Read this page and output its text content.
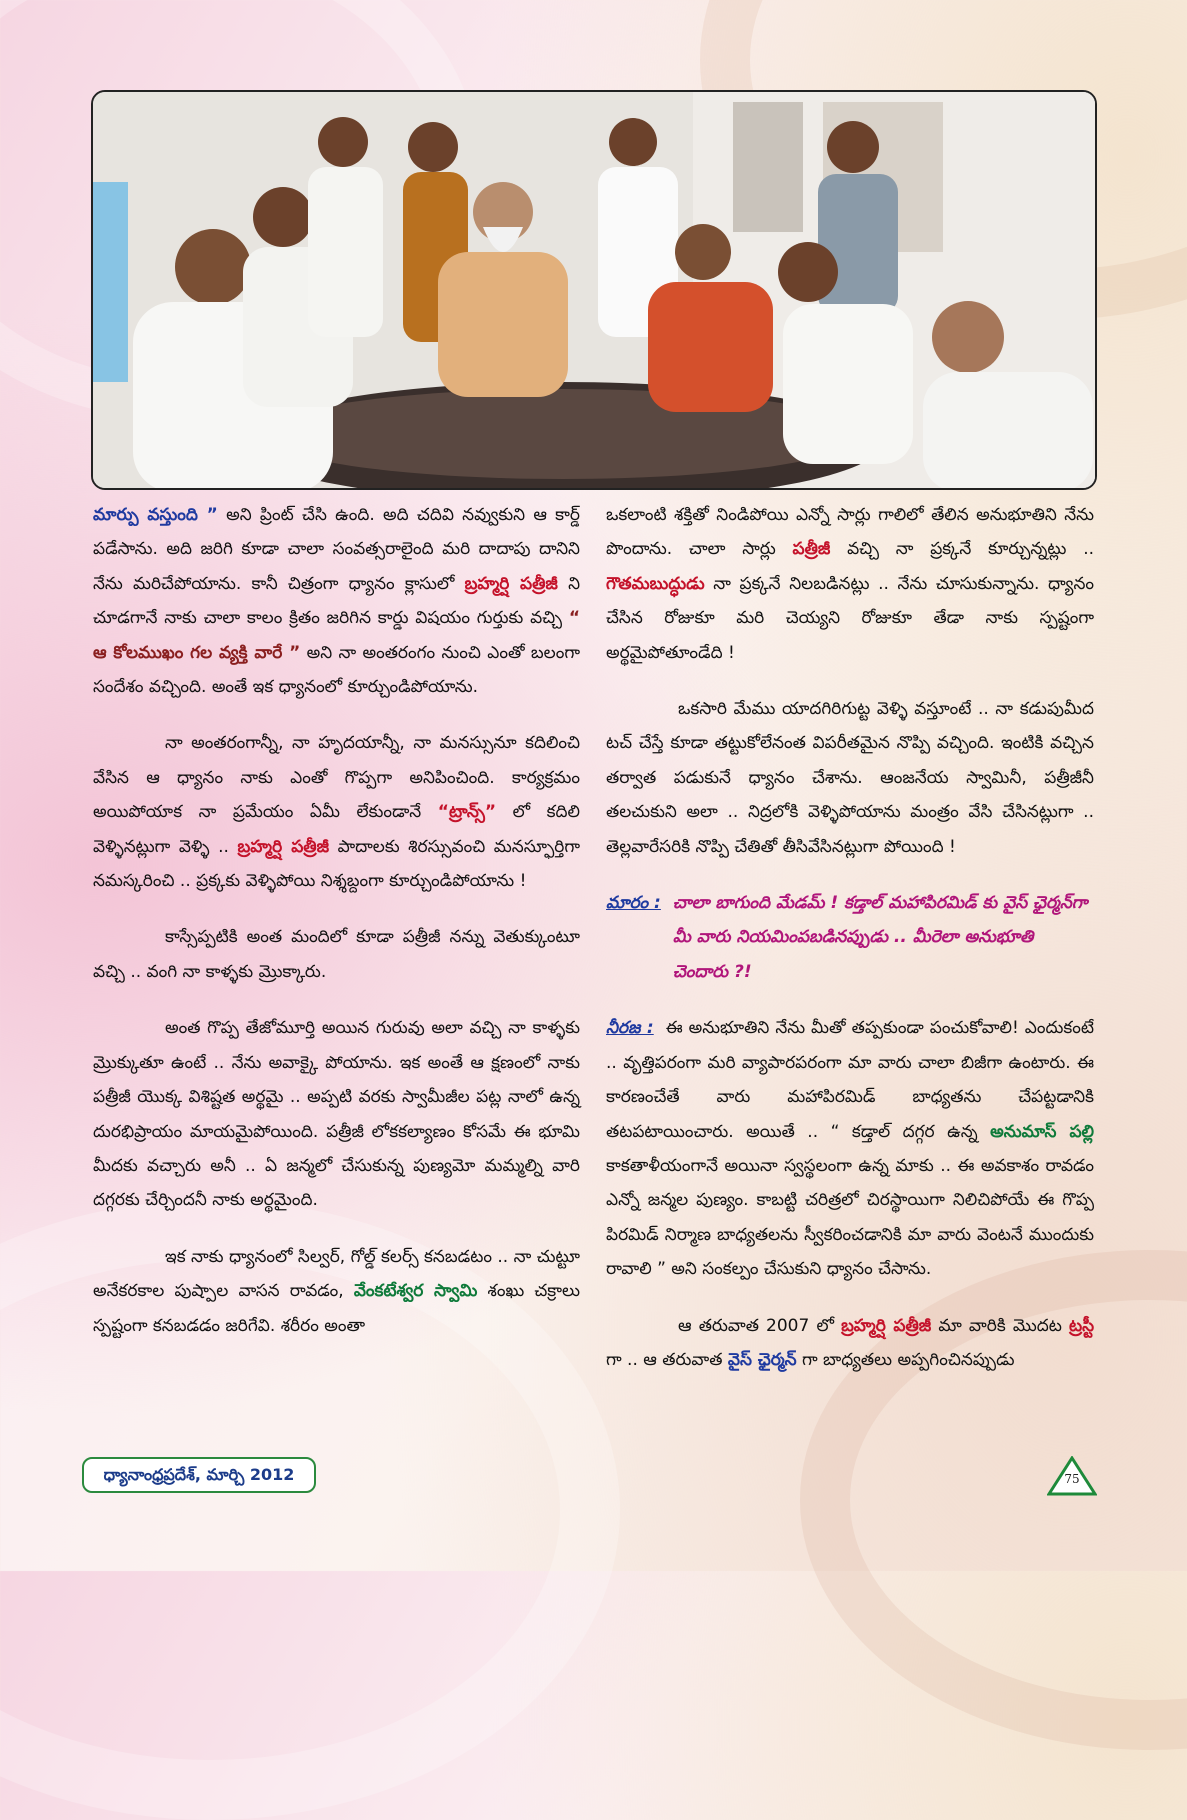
మార్పు వస్తుంది ” అని ప్రింట్ చేసి ఉంది. అది చదివి నవ్వుకుని ఆ కార్డ్ పడేసాను. అది జరిగి కూడా చాలా సంవత్సరాలైంది మరి దాదాపు దానిని నేను మరిచేపోయాను. కానీ చిత్రంగా ధ్యానం క్లాసులో బ్రహ్మర్షి పత్రీజీ ని చూడగానే నాకు చాలా కాలం క్రితం జరిగిన కార్డు విషయం గుర్తుకు వచ్చి “ ఆ కోలముఖం గల వ్యక్తి వారే ” అని నా అంతరంగం నుంచి ఎంతో బలంగా సందేశం వచ్చింది. అంతే ఇక ధ్యానంలో కూర్చుండిపోయాను.

నా అంతరంగాన్నీ, నా హృదయాన్నీ, నా మనస్సునూ కదిలించి వేసిన ఆ ధ్యానం నాకు ఎంతో గొప్పగా అనిపించింది. కార్యక్రమం అయిపోయాక నా ప్రమేయం ఏమీ లేకుండానే “ట్రాన్స్” లో కదిలి వెళ్ళినట్లుగా వెళ్ళి .. బ్రహ్మర్షి పత్రీజీ పాదాలకు శిరస్సువంచి మనస్ఫూర్తిగా నమస్కరించి .. ప్రక్కకు వెళ్ళిపోయి నిశ్శబ్దంగా కూర్చుండిపోయాను !

కాస్సేప్పటికి అంత మందిలో కూడా పత్రీజీ నన్ను వెతుక్కుంటూ వచ్చి .. వంగి నా కాళ్ళకు మ్రొక్కారు.

అంత గొప్ప తేజోమూర్తి అయిన గురువు అలా వచ్చి నా కాళ్ళకు మ్రొక్కుతూ ఉంటే .. నేను అవాక్కై పోయాను. ఇక అంతే ఆ క్షణంలో నాకు పత్రీజీ యొక్క విశిష్టత అర్థమై .. అప్పటి వరకు స్వామీజీల పట్ల నాలో ఉన్న దురభిప్రాయం మాయమైపోయింది. పత్రీజీ లోకకల్యాణం కోసమే ఈ భూమి మీదకు వచ్చారు అనీ .. ఏ జన్మలో చేసుకున్న పుణ్యమో మమ్మల్ని వారి దగ్గరకు చేర్చిందనీ నాకు అర్థమైంది.

ఇక నాకు ధ్యానంలో సిల్వర్, గోల్డ్ కలర్స్ కనబడటం .. నా చుట్టూ అనేకరకాల పుష్పాల వాసన రావడం, వేంకటేశ్వర స్వామి శంఖు చక్రాలు స్పష్టంగా కనబడడం జరిగేవి. శరీరం అంతా

ఒకలాంటి శక్తితో నిండిపోయి ఎన్నో సార్లు గాలిలో తేలిన అనుభూతిని నేను పొందాను. చాలా సార్లు పత్రీజీ వచ్చి నా ప్రక్కనే కూర్చున్నట్లు .. గౌతమబుద్ధుడు నా ప్రక్కనే నిలబడినట్లు .. నేను చూసుకున్నాను. ధ్యానం చేసిన రోజుకూ మరి చెయ్యని రోజుకూ తేడా నాకు స్పష్టంగా అర్థమైపోతూండేది !

ఒకసారి మేము యాదగిరిగుట్ట వెళ్ళి వస్తూంటే .. నా కడుపుమీద టచ్ చేస్తే కూడా తట్టుకోలేనంత విపరీతమైన నొప్పి వచ్చింది. ఇంటికి వచ్చిన తర్వాత పడుకునే ధ్యానం చేశాను. ఆంజనేయ స్వామినీ, పత్రీజీనీ తలచుకుని అలా .. నిద్రలోకి వెళ్ళిపోయాను మంత్రం వేసి చేసినట్లుగా .. తెల్లవారేసరికి నొప్పి చేతితో తీసివేసినట్లుగా పోయింది !

మారం : చాలా బాగుంది మేడమ్ ! కడ్తాల్ మహాపిరమిడ్ కు వైస్ ఛైర్మన్‌గా మీ వారు నియమింపబడినప్పుడు .. మీరెలా అనుభూతి చెందారు ?!

నీరజ : ఈ అనుభూతిని నేను మీతో తప్పకుండా పంచుకోవాలి! ఎందుకంటే .. వృత్తిపరంగా మరి వ్యాపారపరంగా మా వారు చాలా బిజీగా ఉంటారు. ఈ కారణంచేతే వారు మహాపిరమిడ్ బాధ్యతను చేపట్టడానికి తటపటాయించారు. అయితే .. “ కడ్తాల్ దగ్గర ఉన్న అనుమాస్ పల్లి కాకతాళీయంగానే అయినా స్వస్థలంగా ఉన్న మాకు .. ఈ అవకాశం రావడం ఎన్నో జన్మల పుణ్యం. కాబట్టి చరిత్రలో చిరస్థాయిగా నిలిచిపోయే ఈ గొప్ప పిరమిడ్ నిర్మాణ బాధ్యతలను స్వీకరించడానికి మా వారు వెంటనే ముందుకు రావాలి ” అని సంకల్పం చేసుకుని ధ్యానం చేసాను.

ఆ తరువాత 2007 లో బ్రహ్మర్షి పత్రీజీ మా వారికి మొదట ట్రస్టీ గా .. ఆ తరువాత వైస్ ఛైర్మన్ గా బాధ్యతలు అప్పగించినప్పుడు

ధ్యానాంధ్రప్రదేశ్, మార్చి 2012	75
